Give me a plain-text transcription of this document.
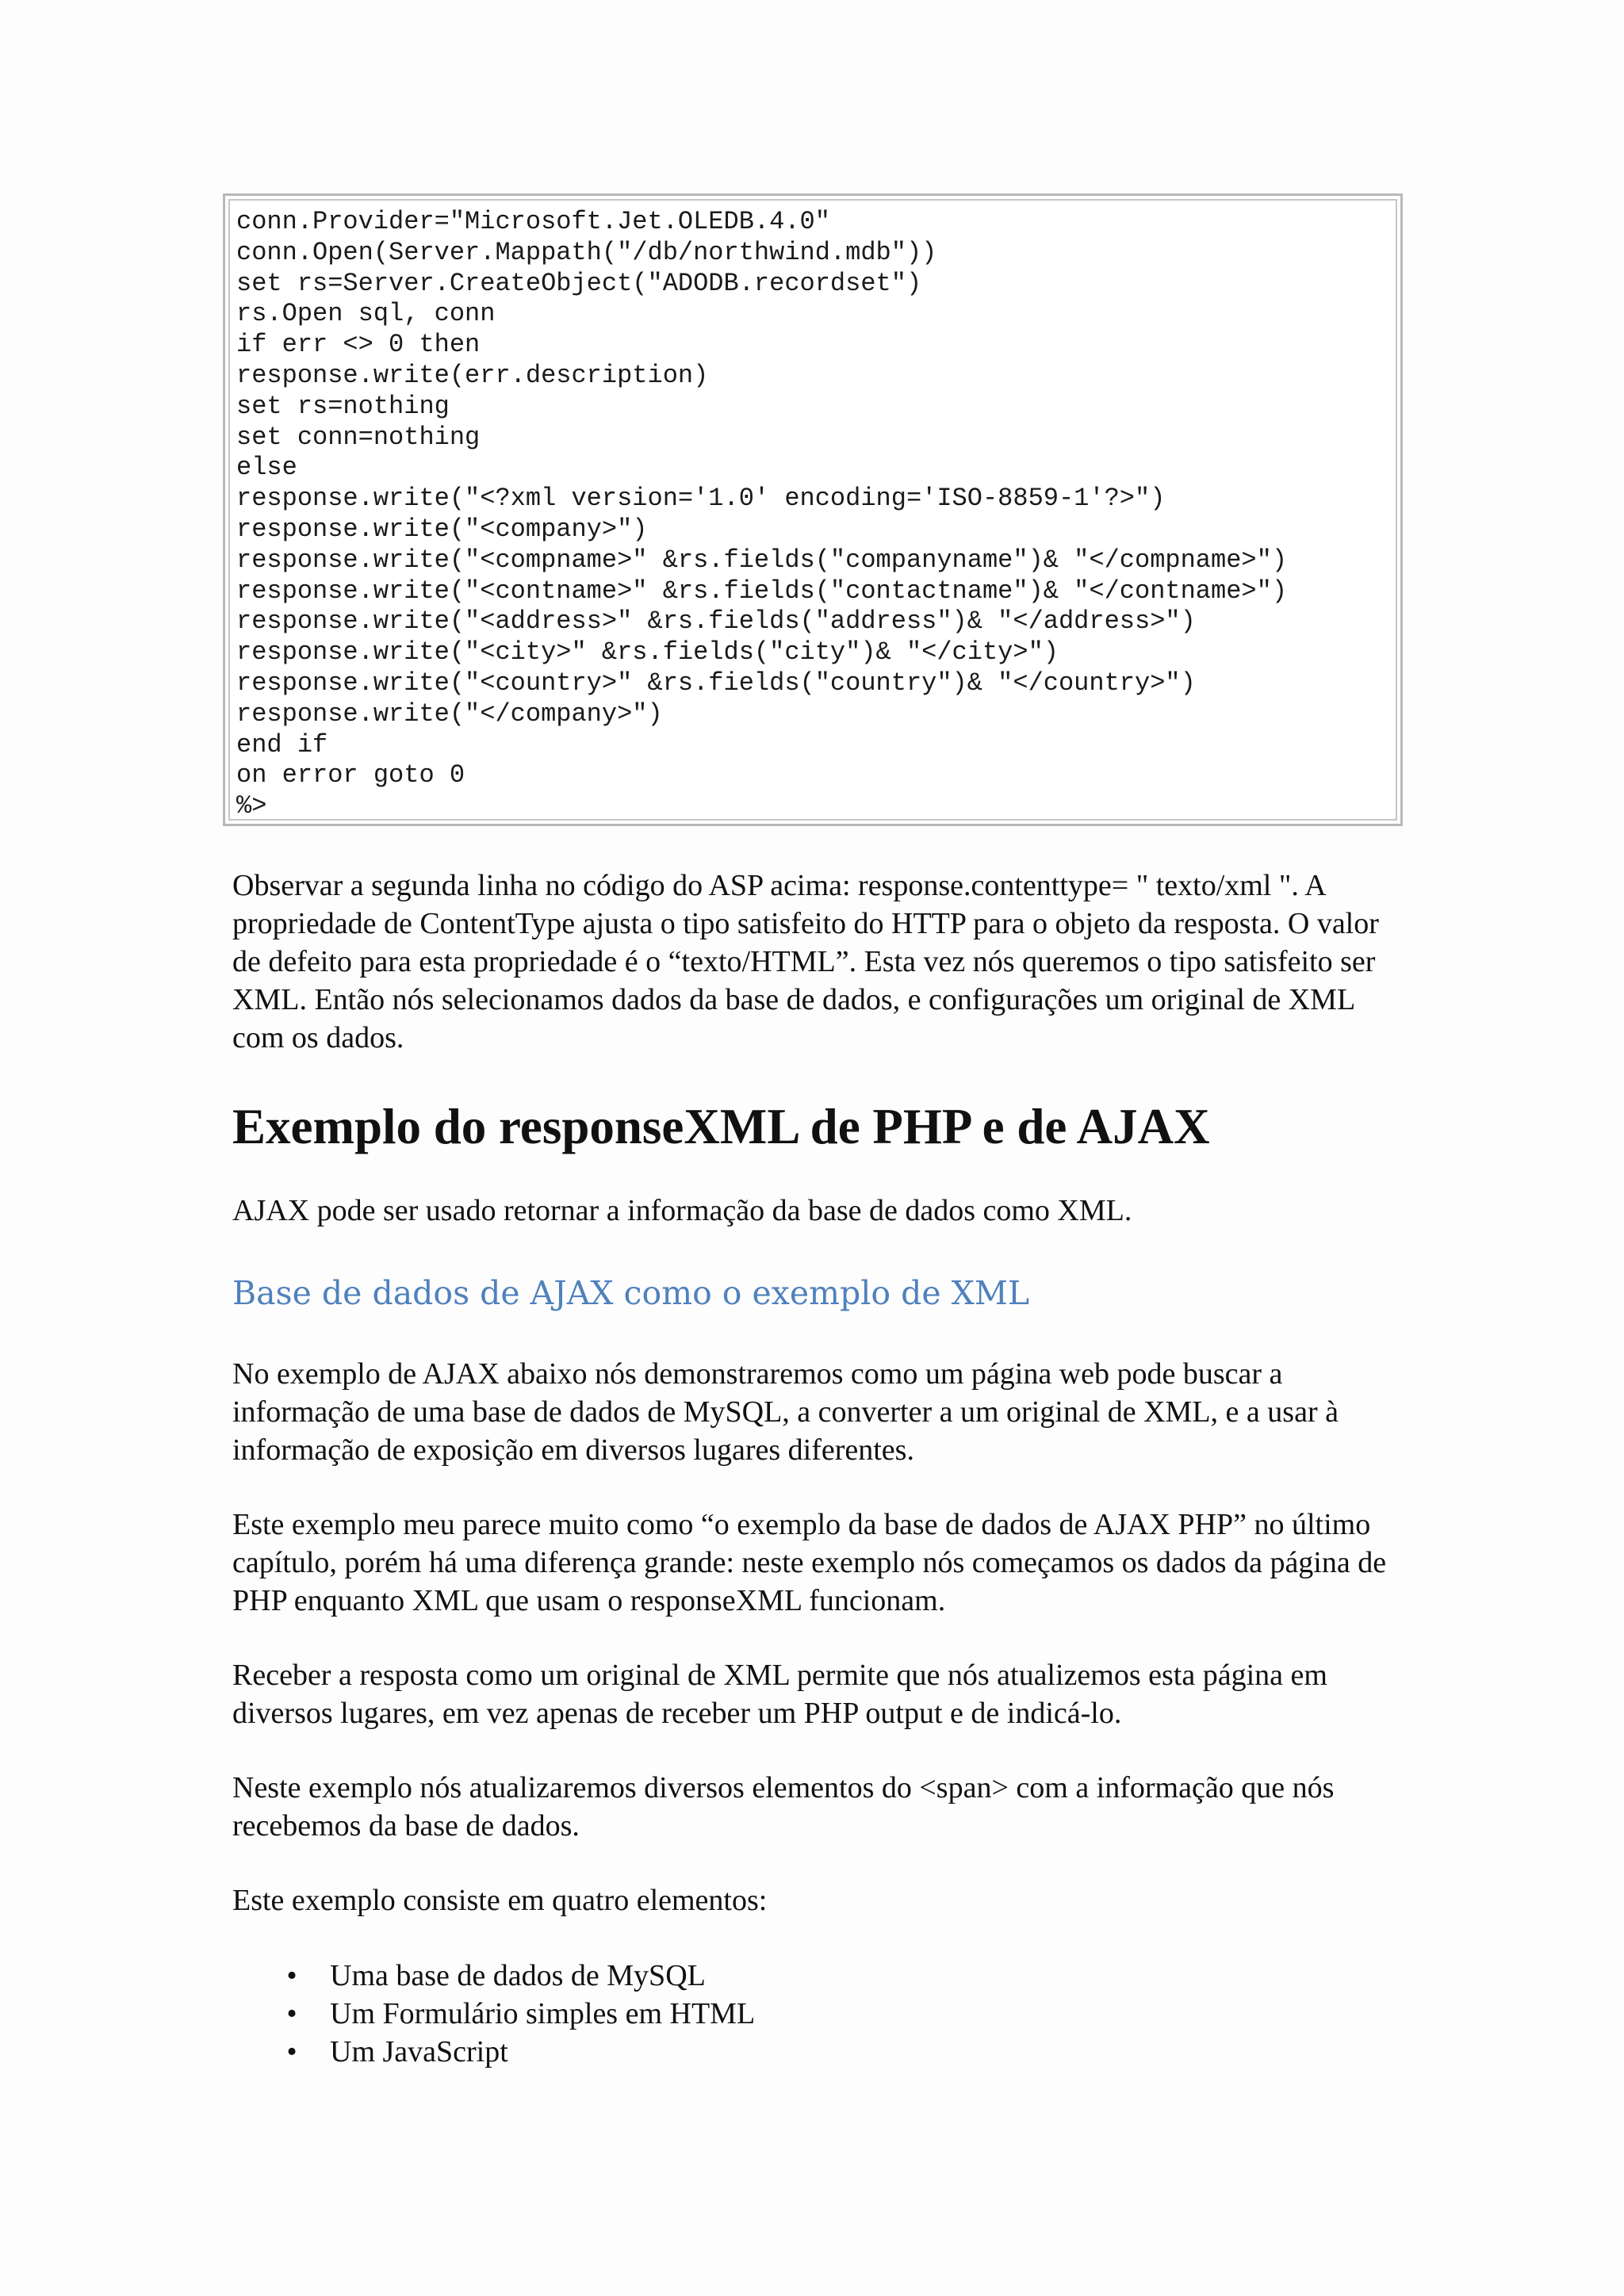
conn.Provider="Microsoft.Jet.OLEDB.4.0"
conn.Open(Server.Mappath("/db/northwind.mdb"))
set rs=Server.CreateObject("ADODB.recordset")
rs.Open sql, conn
if err <> 0 then
response.write(err.description)
set rs=nothing
set conn=nothing
else
response.write("<?xml version='1.0' encoding='ISO-8859-1'?>")
response.write("<company>")
response.write("<compname>" &rs.fields("companyname")& "</compname>")
response.write("<contname>" &rs.fields("contactname")& "</contname>")
response.write("<address>" &rs.fields("address")& "</address>")
response.write("<city>" &rs.fields("city")& "</city>")
response.write("<country>" &rs.fields("country")& "</country>")
response.write("</company>")
end if
on error goto 0
%>

Observar a segunda linha no código do ASP acima: response.contenttype= " texto/xml ". A propriedade de ContentType ajusta o tipo satisfeito do HTTP para o objeto da resposta. O valor de defeito para esta propriedade é o “texto/HTML”. Esta vez nós queremos o tipo satisfeito ser XML. Então nós selecionamos dados da base de dados, e configurações um original de XML com os dados.

Exemplo do responseXML de PHP e de AJAX

AJAX pode ser usado retornar a informação da base de dados como XML.

Base de dados de AJAX como o exemplo de XML

No exemplo de AJAX abaixo nós demonstraremos como um página web pode buscar a informação de uma base de dados de MySQL, a converter a um original de XML, e a usar à informação de exposição em diversos lugares diferentes.

Este exemplo meu parece muito como “o exemplo da base de dados de AJAX PHP” no último capítulo, porém há uma diferença grande: neste exemplo nós começamos os dados da página de PHP enquanto XML que usam o responseXML funcionam.

Receber a resposta como um original de XML permite que nós atualizemos esta página em diversos lugares, em vez apenas de receber um PHP output e de indicá-lo.

Neste exemplo nós atualizaremos diversos elementos do <span> com a informação que nós recebemos da base de dados.

Este exemplo consiste em quatro elementos:

• Uma base de dados de MySQL
• Um Formulário simples em HTML
• Um JavaScript
